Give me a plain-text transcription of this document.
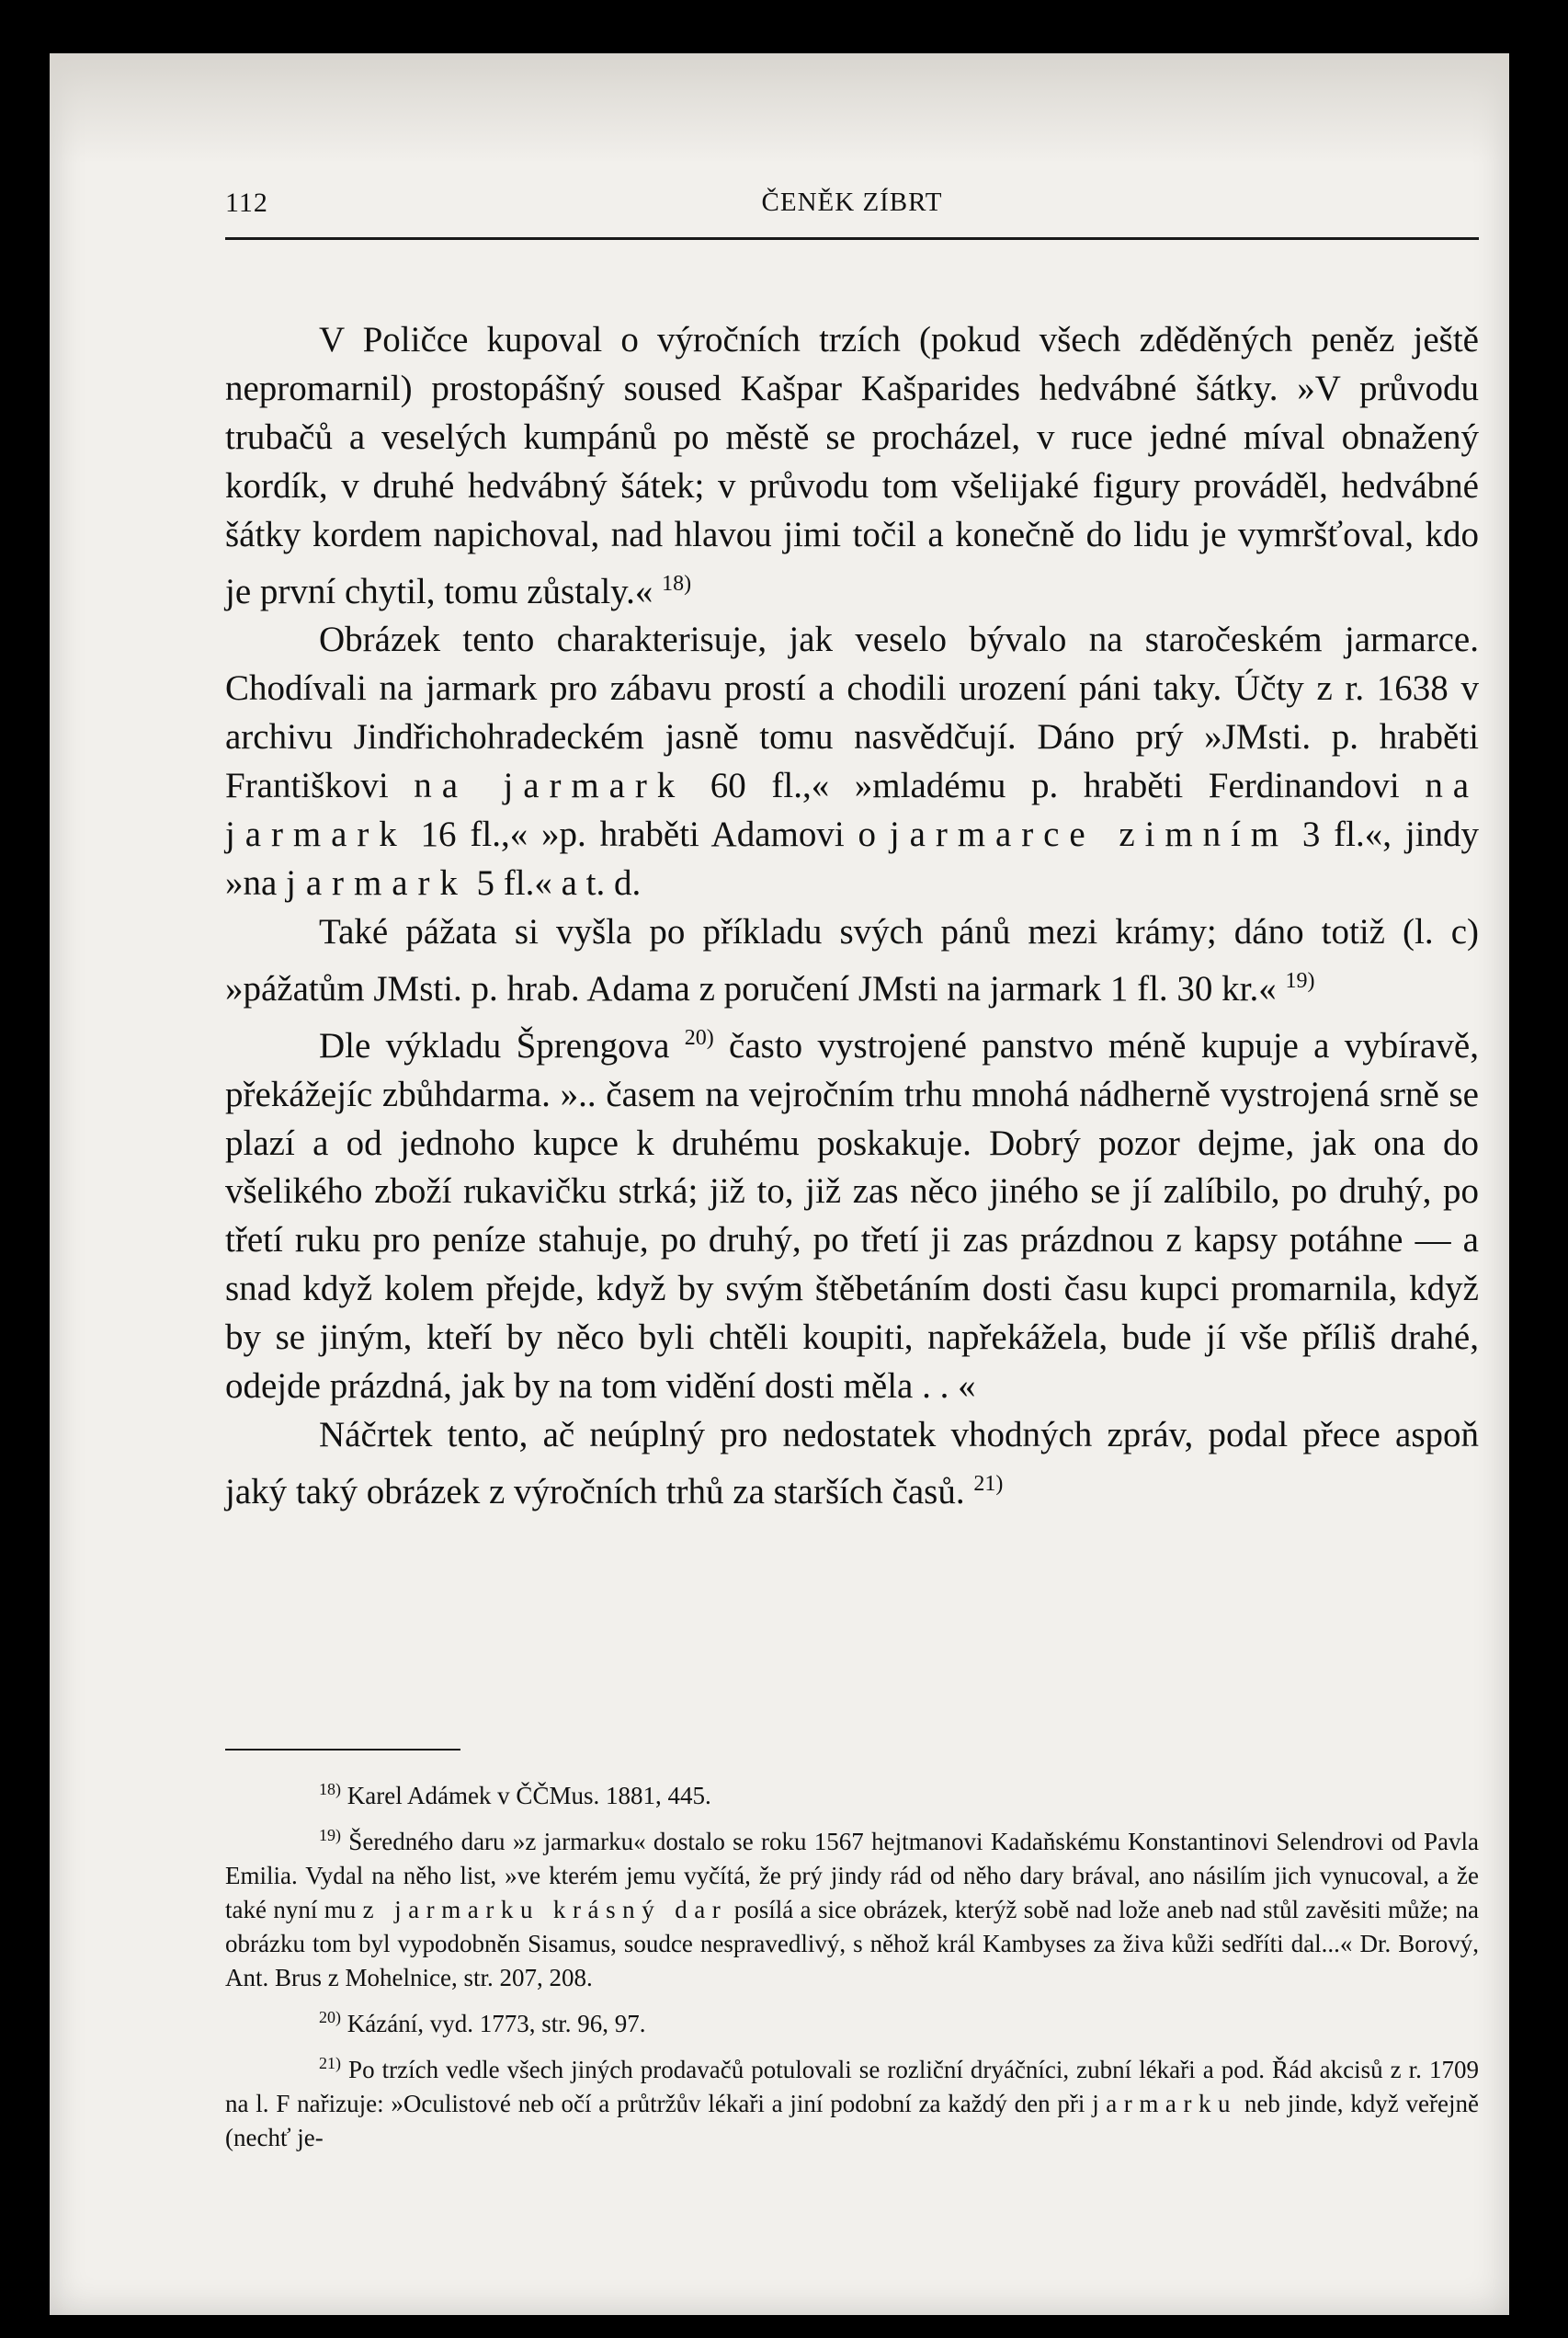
112	ČENĚK ZÍBRT

V Poličce kupoval o výročních trzích (pokud všech zděděných peněz ještě nepromarnil) prostopášný soused Kašpar Kašparides hedvábné šátky. »V průvodu trubačů a veselých kumpánů po městě se procházel, v ruce jedné míval obnažený kordík, v druhé hedvábný šátek; v průvodu tom všelijaké figury prováděl, hedvábné šátky kordem napichoval, nad hlavou jimi točil a konečně do lidu je vymršťoval, kdo je první chytil, tomu zůstaly.« $^{18)}$

Obrázek tento charakterisuje, jak veselo bývalo na staročeském jarmarce. Chodívali na jarmark pro zábavu prostí a chodili urození páni taky. Účty z r. 1638 v archivu Jindřichohradeckém jasně tomu nasvědčují. Dáno prý »JMsti. p. hraběti Františkovi na jarmark 60 fl.,« »mladému p. hraběti Ferdinandovi na jarmark 16 fl.,« »p. hraběti Adamovi o jarmarce zimním 3 fl.«, jindy »na jarmark 5 fl.« a t. d.

Také pážata si vyšla po příkladu svých pánů mezi krámy; dáno totiž (l. c) »pážatům JMsti. p. hrab. Adama z poručení JMsti na jarmark 1 fl. 30 kr.« $^{19)}$

Dle výkladu Šprengova $^{20)}$ často vystrojené panstvo méně kupuje a vybíravě, překážejíc zbůhdarma. ».. časem na vejročním trhu mnohá nádherně vystrojená srně se plazí a od jednoho kupce k druhému poskakuje. Dobrý pozor dejme, jak ona do všelikého zboží rukavičku strká; již to, již zas něco jiného se jí zalíbilo, po druhý, po třetí ruku pro peníze stahuje, po druhý, po třetí ji zas prázdnou z kapsy potáhne — a snad když kolem přejde, když by svým štěbetáním dosti času kupci promarnila, když by se jiným, kteří by něco byli chtěli koupiti, napřekážela, bude jí vše příliš drahé, odejde prázdná, jak by na tom vidění dosti měla . . «

Náčrtek tento, ač neúplný pro nedostatek vhodných zpráv, podal přece aspoň jaký taký obrázek z výročních trhů za starších časů. $^{21)}$

$^{18)}$ Karel Adámek v ČČMus. 1881, 445.

$^{19)}$ Šeredného daru »z jarmarku« dostalo se roku 1567 hejtmanovi Kadaňskému Konstantinovi Selendrovi od Pavla Emilia. Vydal na něho list, »ve kterém jemu vyčítá, že prý jindy rád od něho dary brával, ano násilím jich vynucoval, a že také nyní mu z jarmarku krásný dar posílá a sice obrázek, kterýž sobě nad lože aneb nad stůl zavěsiti může; na obrázku tom byl vypodobněn Sisamus, soudce nespravedlivý, s něhož král Kambyses za živa kůži sedříti dal...« Dr. Borový, Ant. Brus z Mohelnice, str. 207, 208.

$^{20)}$ Kázání, vyd. 1773, str. 96, 97.

$^{21)}$ Po trzích vedle všech jiných prodavačů potulovali se rozliční dryáčníci, zubní lékaři a pod. Řád akcisů z r. 1709 na l. F nařizuje: »Oculistové neb očí a průtržův lékaři a jiní podobní za každý den při jarmarku neb jinde, když veřejně (nechť je-
